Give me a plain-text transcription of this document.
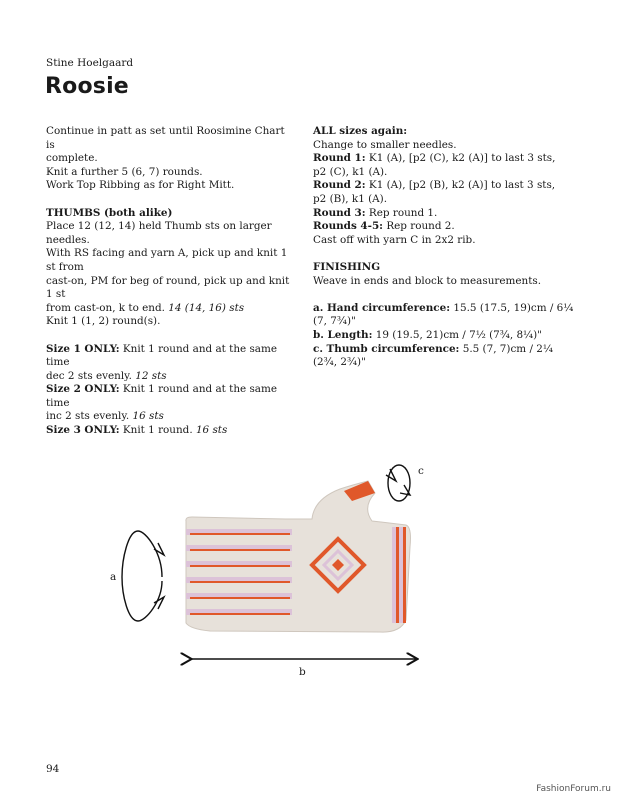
Stine Hoelgaard
Roosie

Continue in patt as set until Roosimine Chart is

complete.

Knit a further 5 (6, 7) rounds.

Work Top Ribbing as for Right Mitt.

THUMBS (both alike)

Place 12 (12, 14) held Thumb sts on larger needles.

With RS facing and yarn A, pick up and knit 1 st from

cast-on, PM for beg of round, pick up and knit 1 st

from cast-on, k to end. 14 (14, 16) sts

Knit 1 (1, 2) round(s).

Size 1 ONLY: Knit 1 round and at the same time

dec 2 sts evenly. 12 sts

Size 2 ONLY: Knit 1 round and at the same time

inc 2 sts evenly. 16 sts

Size 3 ONLY: Knit 1 round. 16 sts

ALL sizes again:

Change to smaller needles.

Round 1: K1 (A), [p2 (C), k2 (A)] to last 3 sts,

p2 (C), k1 (A).

Round 2: K1 (A), [p2 (B), k2 (A)] to last 3 sts,

p2 (B), k1 (A).

Round 3: Rep round 1.

Rounds 4-5: Rep round 2.

Cast off with yarn C in 2x2 rib.

FINISHING

Weave in ends and block to measurements.

a. Hand circumference: 15.5 (17.5, 19)cm / 6¼ (7, 7¾)"

b. Length: 19 (19.5, 21)cm / 7½ (7¾, 8¼)"

c. Thumb circumference: 5.5 (7, 7)cm / 2¼ (2¾, 2¾)"

a
b
c
94
FashionForum.ru
